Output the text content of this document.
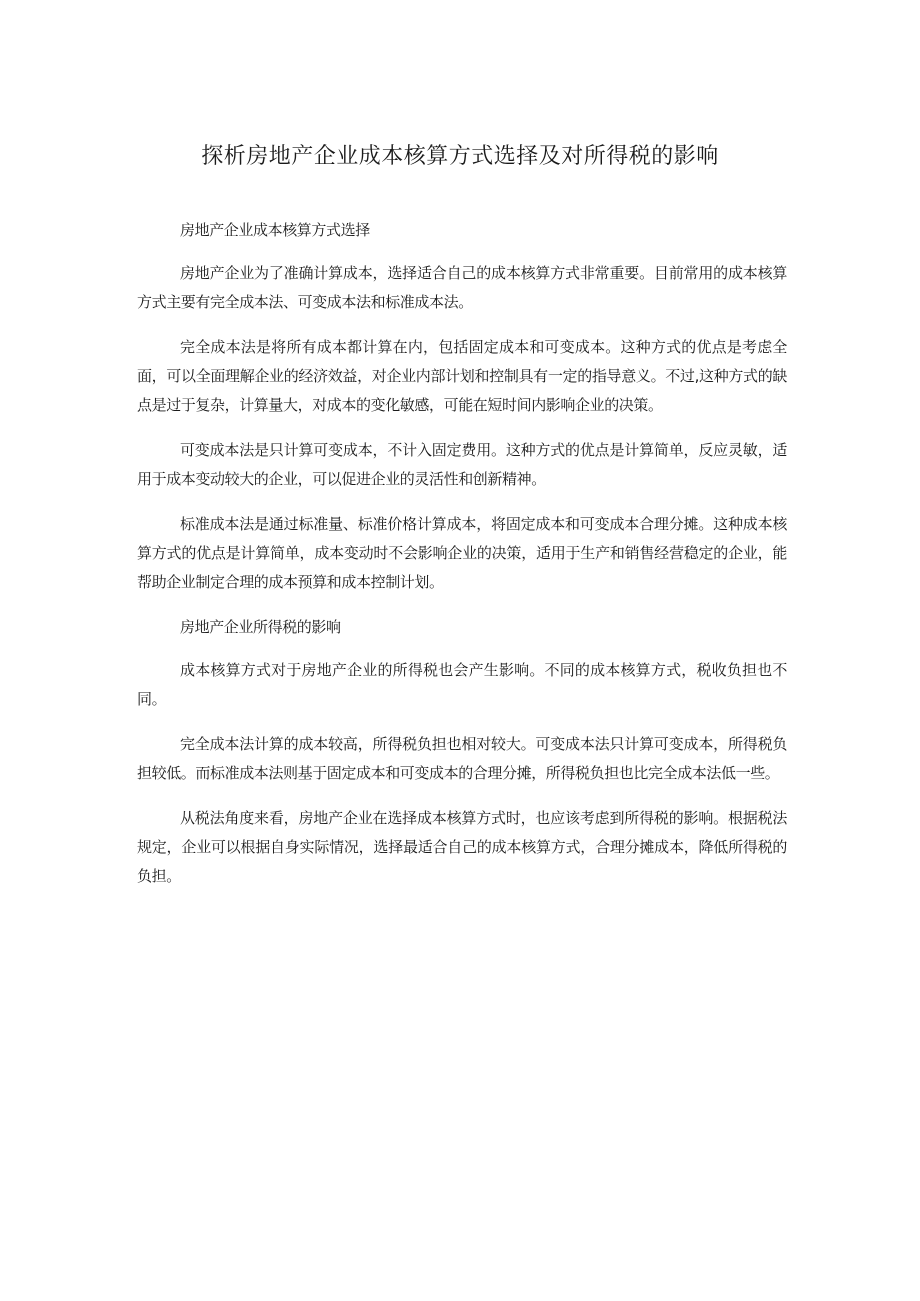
探析房地产企业成本核算方式选择及对所得税的影响

房地产企业成本核算方式选择

房地产企业为了准确计算成本，选择适合自己的成本核算方式非常重要。目前常用的成本核算方式主要有完全成本法、可变成本法和标准成本法。

完全成本法是将所有成本都计算在内，包括固定成本和可变成本。这种方式的优点是考虑全面，可以全面理解企业的经济效益，对企业内部计划和控制具有一定的指导意义。不过,这种方式的缺点是过于复杂，计算量大，对成本的变化敏感，可能在短时间内影响企业的决策。

可变成本法是只计算可变成本，不计入固定费用。这种方式的优点是计算简单，反应灵敏，适用于成本变动较大的企业，可以促进企业的灵活性和创新精神。

标准成本法是通过标准量、标准价格计算成本，将固定成本和可变成本合理分摊。这种成本核算方式的优点是计算简单，成本变动时不会影响企业的决策，适用于生产和销售经营稳定的企业，能帮助企业制定合理的成本预算和成本控制计划。

房地产企业所得税的影响

成本核算方式对于房地产企业的所得税也会产生影响。不同的成本核算方式，税收负担也不同。

完全成本法计算的成本较高，所得税负担也相对较大。可变成本法只计算可变成本，所得税负担较低。而标准成本法则基于固定成本和可变成本的合理分摊，所得税负担也比完全成本法低一些。

从税法角度来看，房地产企业在选择成本核算方式时，也应该考虑到所得税的影响。根据税法规定，企业可以根据自身实际情况，选择最适合自己的成本核算方式，合理分摊成本，降低所得税的负担。
